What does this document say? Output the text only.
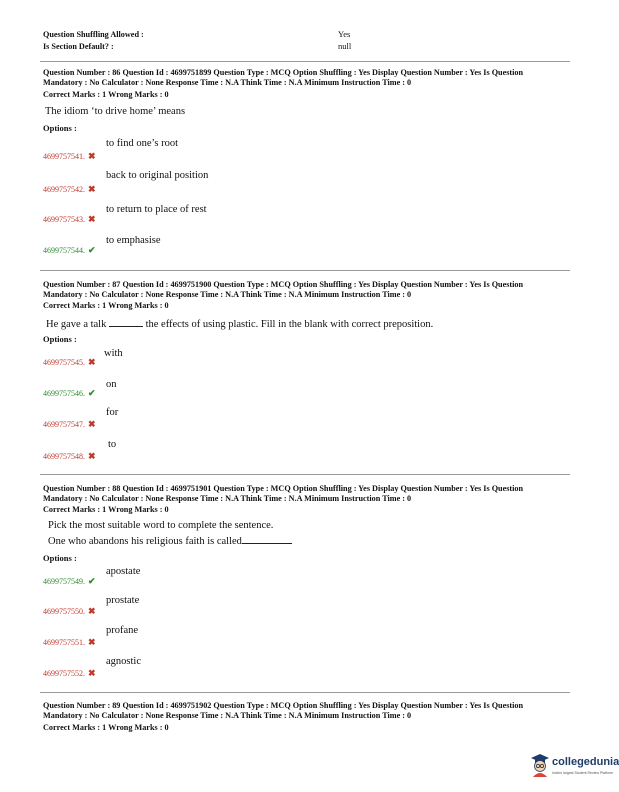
Question Shuffling Allowed :	Yes
Is Section Default? :	null
Question Number : 86 Question Id : 4699751899 Question Type : MCQ Option Shuffling : Yes Display Question Number : Yes Is Question
Mandatory : No Calculator : None Response Time : N.A Think Time : N.A Minimum Instruction Time : 0
Correct Marks : 1 Wrong Marks : 0
The idiom ‘to drive home’ means
Options :
4699757541. ✖
to find one’s root
4699757542. ✖
back to original position
4699757543. ✖
to return to place of rest
4699757544. ✔
to emphasise
Question Number : 87 Question Id : 4699751900 Question Type : MCQ Option Shuffling : Yes Display Question Number : Yes Is Question
Mandatory : No Calculator : None Response Time : N.A Think Time : N.A Minimum Instruction Time : 0
Correct Marks : 1 Wrong Marks : 0
He gave a talk	the effects of using plastic. Fill in the blank with correct preposition.
Options :
4699757545. ✖
with
4699757546. ✔
on
4699757547. ✖
for
4699757548. ✖
to
Question Number : 88 Question Id : 4699751901 Question Type : MCQ Option Shuffling : Yes Display Question Number : Yes Is Question
Mandatory : No Calculator : None Response Time : N.A Think Time : N.A Minimum Instruction Time : 0
Correct Marks : 1 Wrong Marks : 0
Pick the most suitable word to complete the sentence.
One who abandons his religious faith is called
Options :
4699757549. ✔
apostate
4699757550. ✖
prostate
4699757551. ✖
profane
4699757552. ✖
agnostic
Question Number : 89 Question Id : 4699751902 Question Type : MCQ Option Shuffling : Yes Display Question Number : Yes Is Question
Mandatory : No Calculator : None Response Time : N.A Think Time : N.A Minimum Instruction Time : 0
Correct Marks : 1 Wrong Marks : 0
collegedunia
India's largest Student Review Platform
